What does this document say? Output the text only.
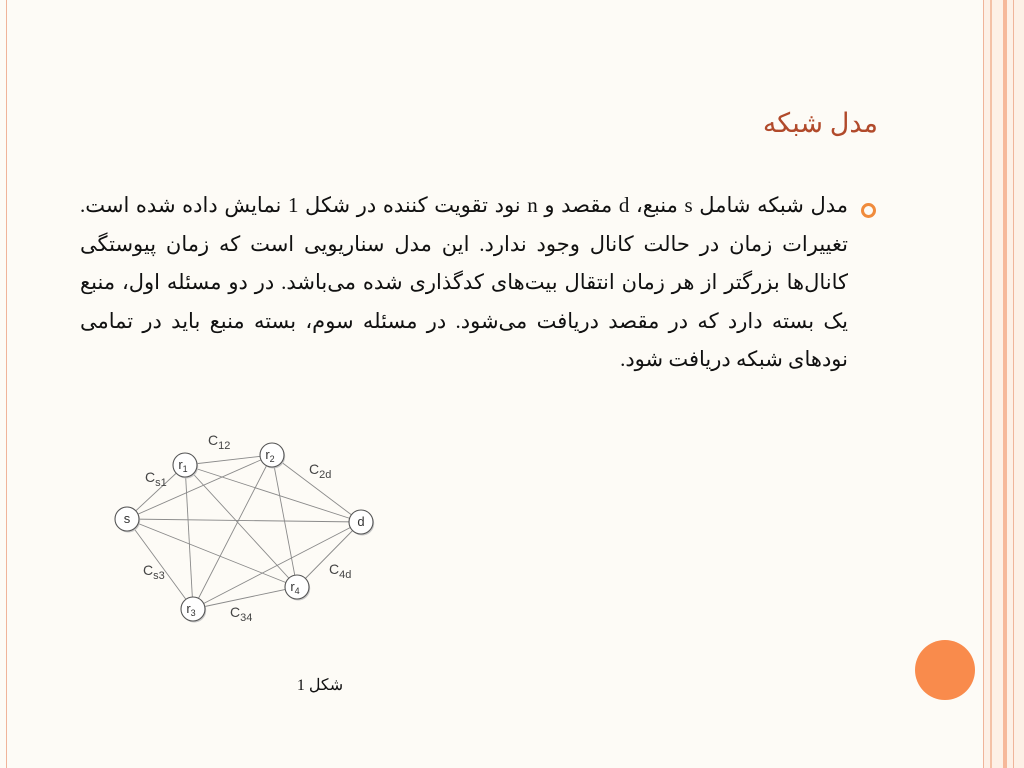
مدل شبکه
مدل شبکه شامل s منبع، d مقصد و n نود تقویت کننده در شکل 1 نمایش داده شده است. تغییرات زمان در حالت کانال وجود ندارد. این مدل سناریویی است که زمان پیوستگی کانال‌ها بزرگتر از هر زمان انتقال بیت‌های کدگذاری شده می‌باشد. در دو مسئله اول، منبع یک بسته دارد که در مقصد دریافت می‌شود. در مسئله سوم، بسته منبع باید در تمامی نودهای شبکه دریافت شود.
s
$r_1$
$r_2$
d
$r_3$
$r_4$
$C_{12}$
$C_{s1}$
$C_{2d}$
$C_{s3}$	$C_{4d}$
$C_{34}$
شکل 1
